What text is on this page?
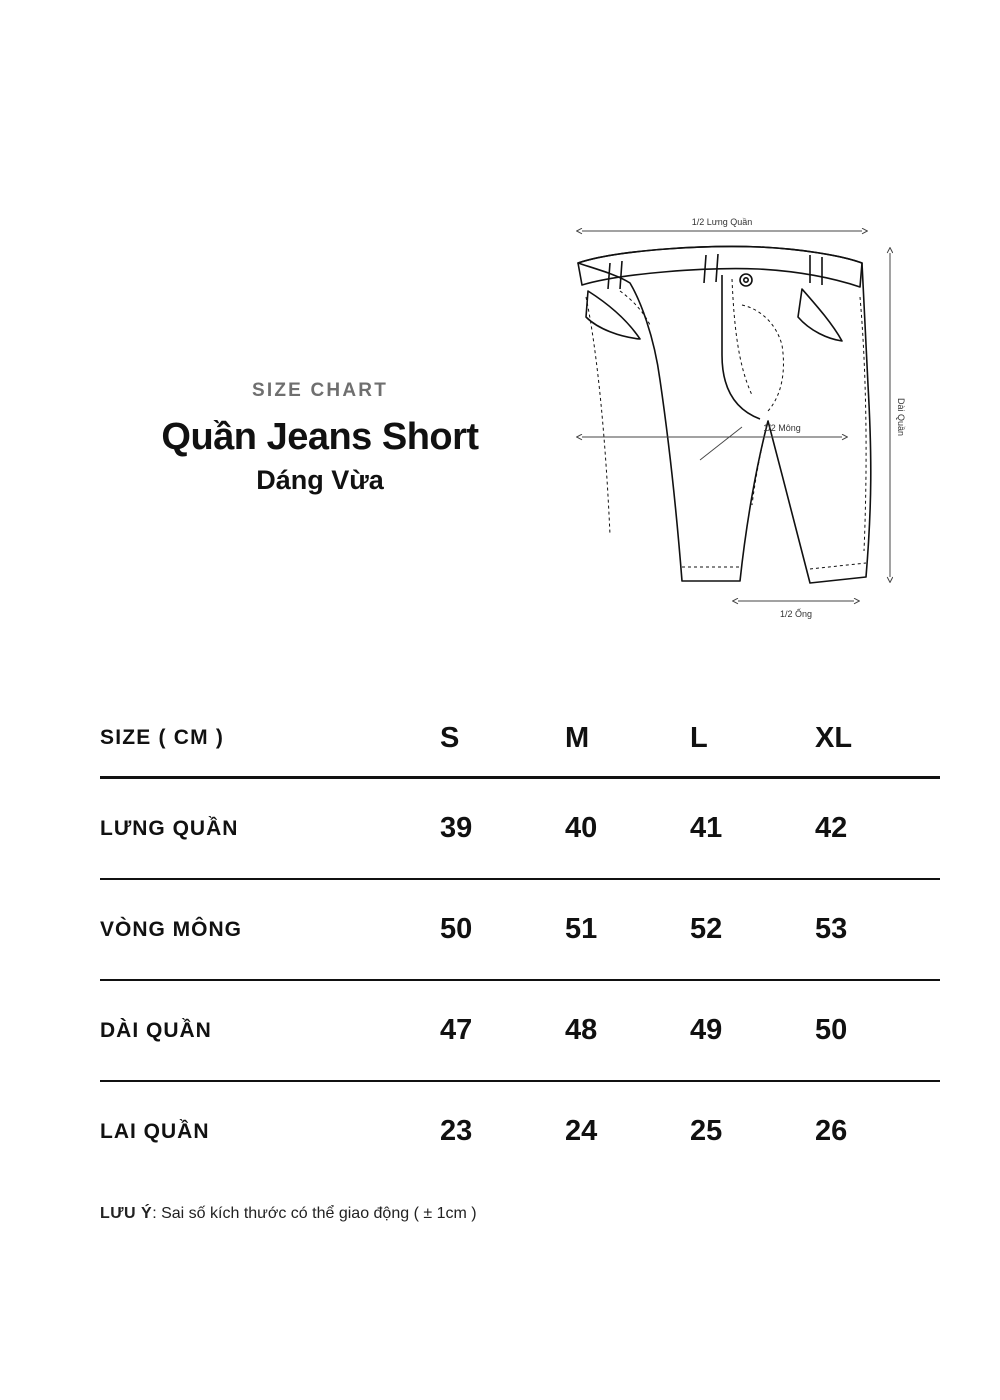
SIZE CHART

Quần Jeans Short
Dáng Vừa
1/2 Lưng Quần
1/2 Mông	Dài Quần
1/2 Ống
SIZE ( CM )	S	M	L	XL
LƯNG QUẦN	39	40	41	42
VÒNG MÔNG	50	51	52	53
DÀI QUẦN	47	48	49	50
LAI QUẦN	23	24	25	26
LƯU Ý: Sai số kích thước có thể giao động ( ± 1cm )
